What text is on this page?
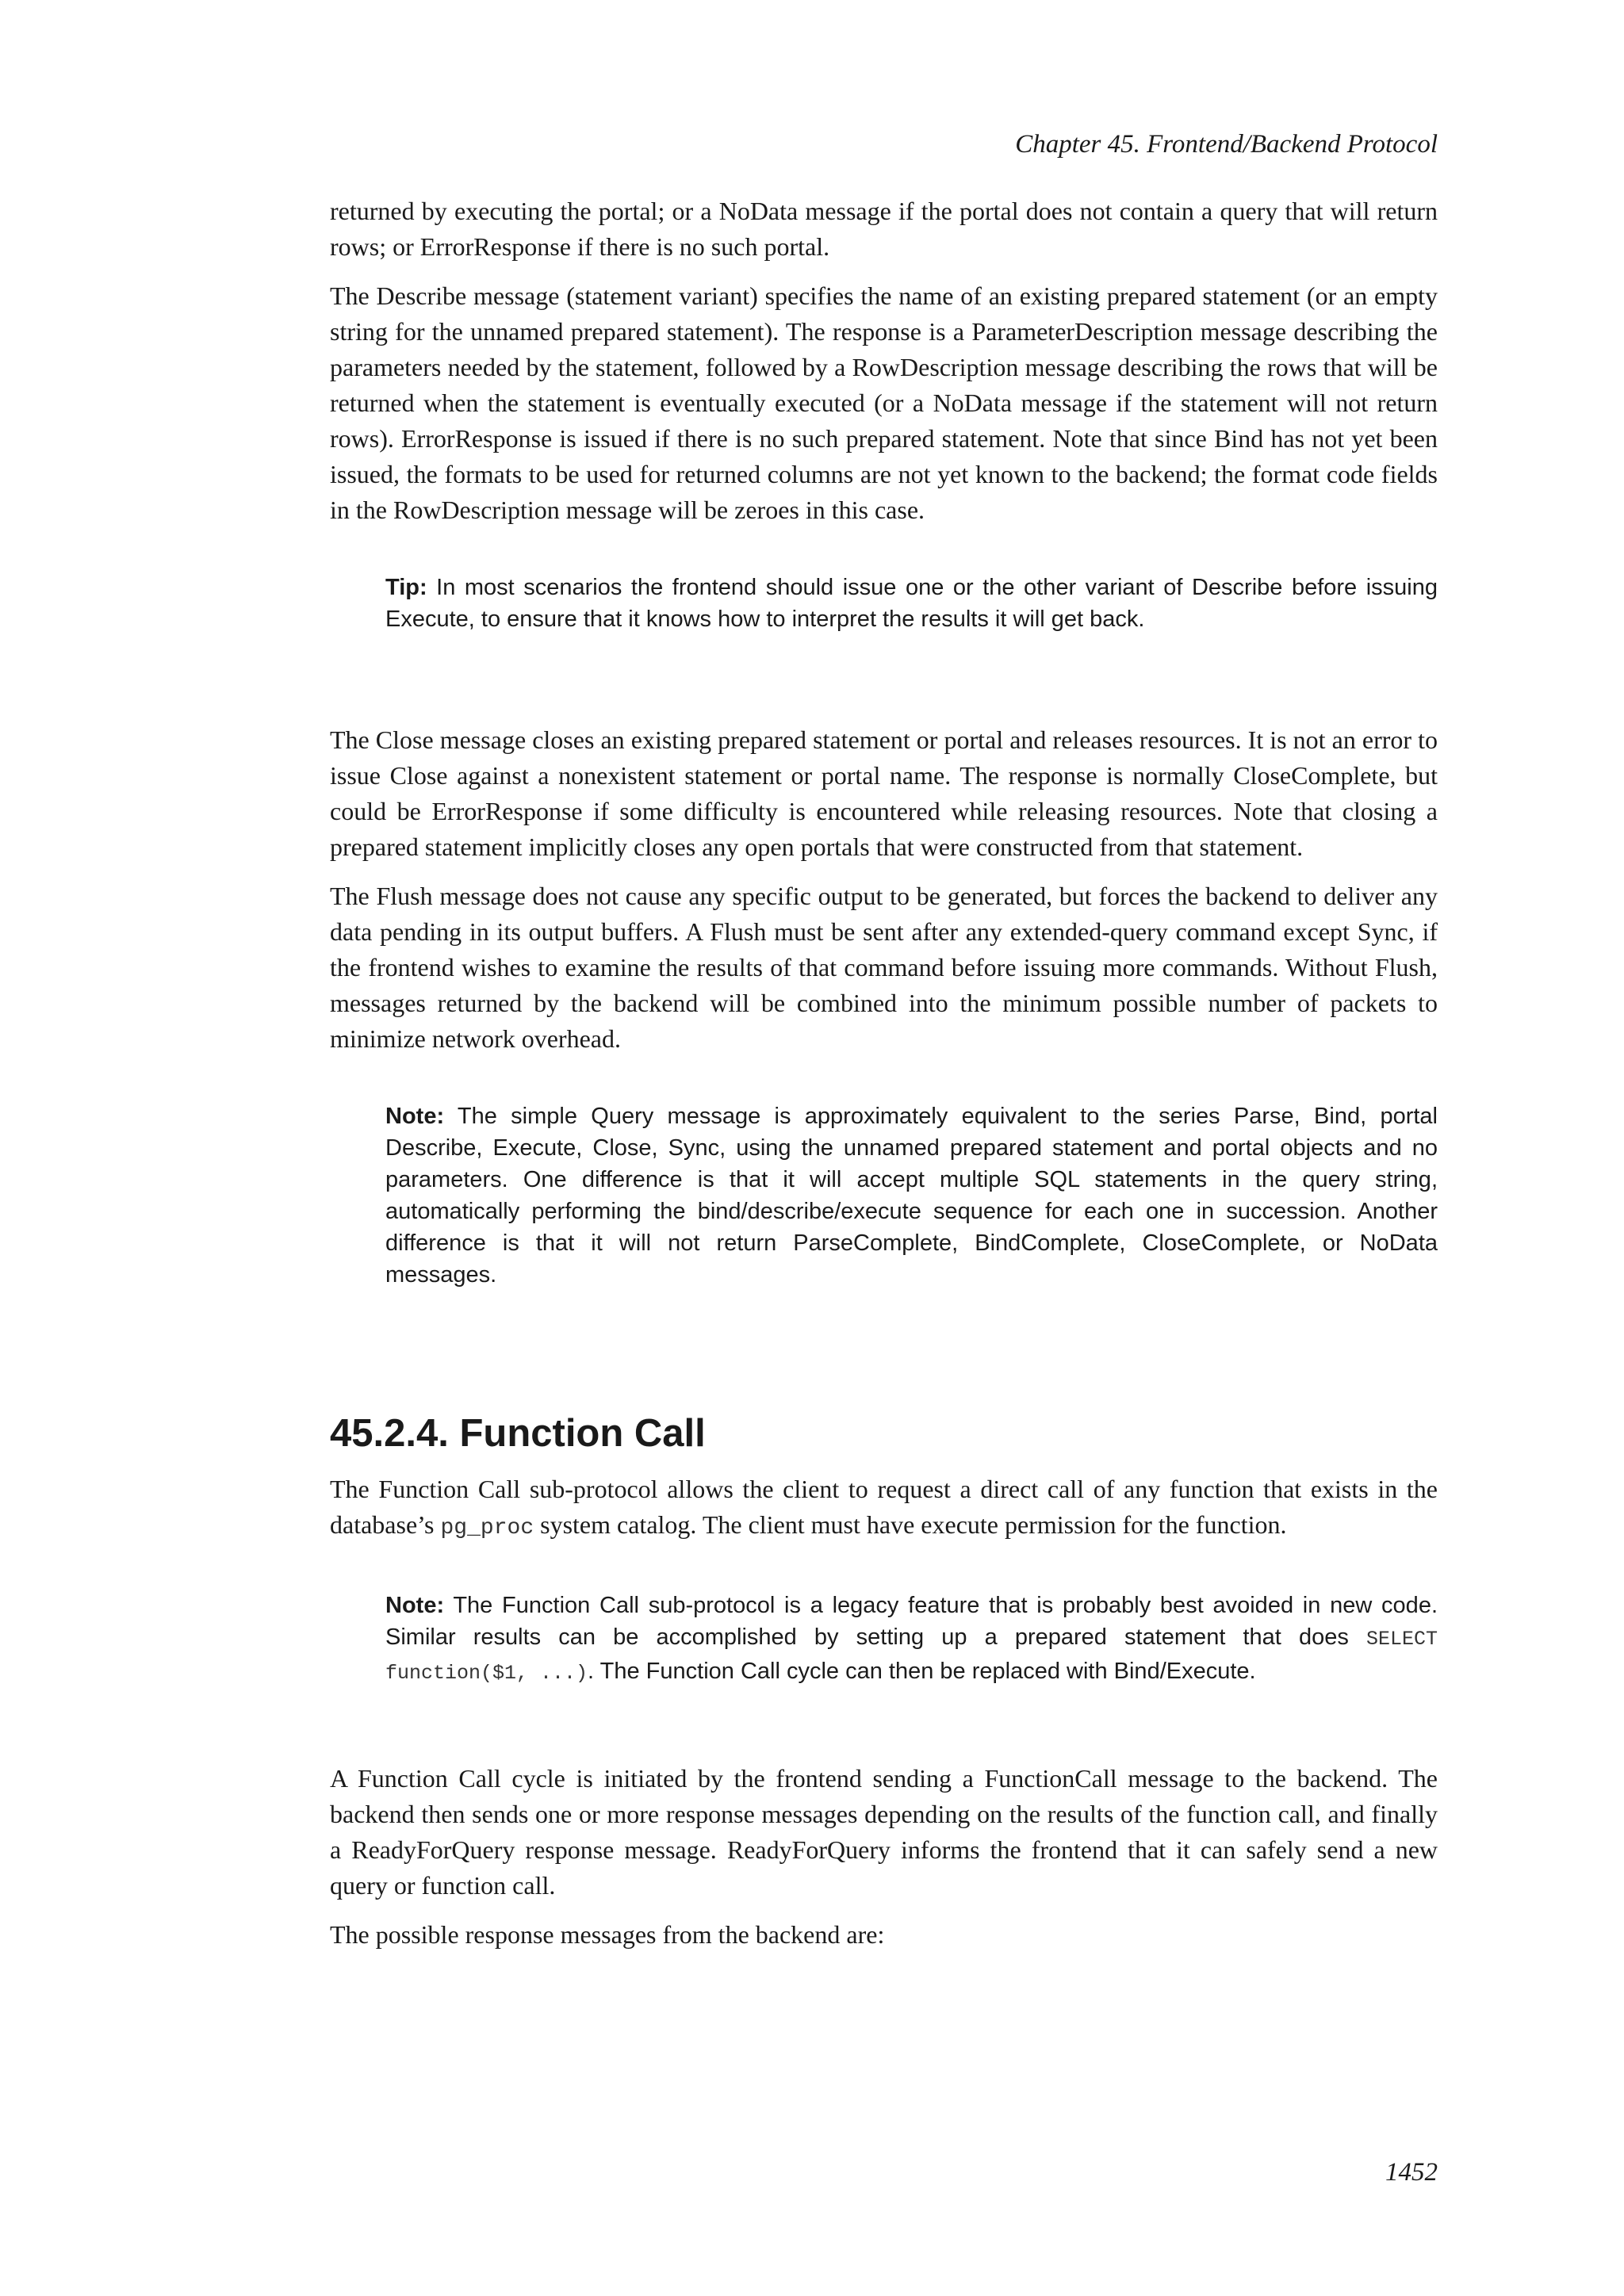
Chapter 45. Frontend/Backend Protocol

returned by executing the portal; or a NoData message if the portal does not contain a query that will return rows; or ErrorResponse if there is no such portal.

The Describe message (statement variant) specifies the name of an existing prepared statement (or an empty string for the unnamed prepared statement). The response is a ParameterDescription message describing the parameters needed by the statement, followed by a RowDescription message describing the rows that will be returned when the statement is eventually executed (or a NoData message if the statement will not return rows). ErrorResponse is issued if there is no such prepared statement. Note that since Bind has not yet been issued, the formats to be used for returned columns are not yet known to the backend; the format code fields in the RowDescription message will be zeroes in this case.

Tip: In most scenarios the frontend should issue one or the other variant of Describe before issuing Execute, to ensure that it knows how to interpret the results it will get back.

The Close message closes an existing prepared statement or portal and releases resources. It is not an error to issue Close against a nonexistent statement or portal name. The response is normally CloseComplete, but could be ErrorResponse if some difficulty is encountered while releasing resources. Note that closing a prepared statement implicitly closes any open portals that were constructed from that statement.

The Flush message does not cause any specific output to be generated, but forces the backend to deliver any data pending in its output buffers. A Flush must be sent after any extended-query command except Sync, if the frontend wishes to examine the results of that command before issuing more commands. Without Flush, messages returned by the backend will be combined into the minimum possible number of packets to minimize network overhead.

Note: The simple Query message is approximately equivalent to the series Parse, Bind, portal Describe, Execute, Close, Sync, using the unnamed prepared statement and portal objects and no parameters. One difference is that it will accept multiple SQL statements in the query string, automatically performing the bind/describe/execute sequence for each one in succession. Another difference is that it will not return ParseComplete, BindComplete, CloseComplete, or NoData messages.
45.2.4. Function Call

The Function Call sub-protocol allows the client to request a direct call of any function that exists in the database’s pg_proc system catalog. The client must have execute permission for the function.

Note: The Function Call sub-protocol is a legacy feature that is probably best avoided in new code. Similar results can be accomplished by setting up a prepared statement that does SELECT function($1, ...). The Function Call cycle can then be replaced with Bind/Execute.

A Function Call cycle is initiated by the frontend sending a FunctionCall message to the backend. The backend then sends one or more response messages depending on the results of the function call, and finally a ReadyForQuery response message. ReadyForQuery informs the frontend that it can safely send a new query or function call.

The possible response messages from the backend are:

1452
